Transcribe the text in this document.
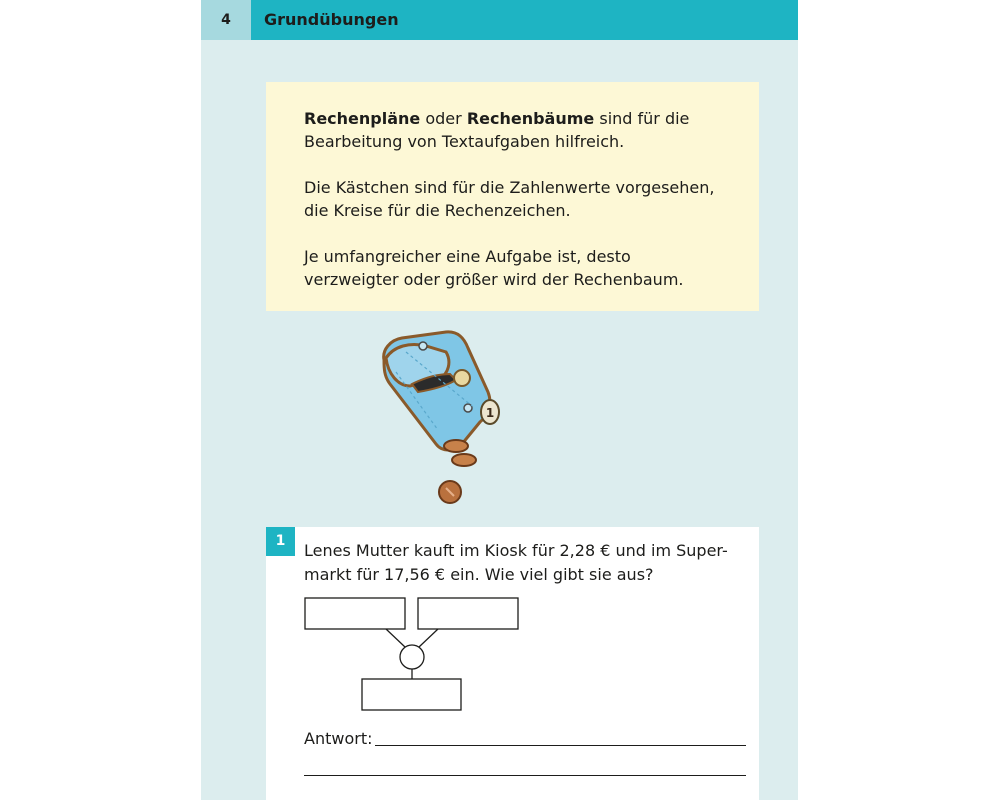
4	Grundübungen

Rechenpläne oder Rechenbäume sind für die
Bearbeitung von Textaufgaben hilfreich.

Die Kästchen sind für die Zahlenwerte vorgesehen,
die Kreise für die Rechenzeichen.

Je umfangreicher eine Aufgabe ist, desto
verzweigter oder größer wird der Rechenbaum.

1
1	Lenes Mutter kauft im Kiosk für 2,28 € und im Super-
markt für 17,56 € ein. Wie viel gibt sie aus?
Antwort:
